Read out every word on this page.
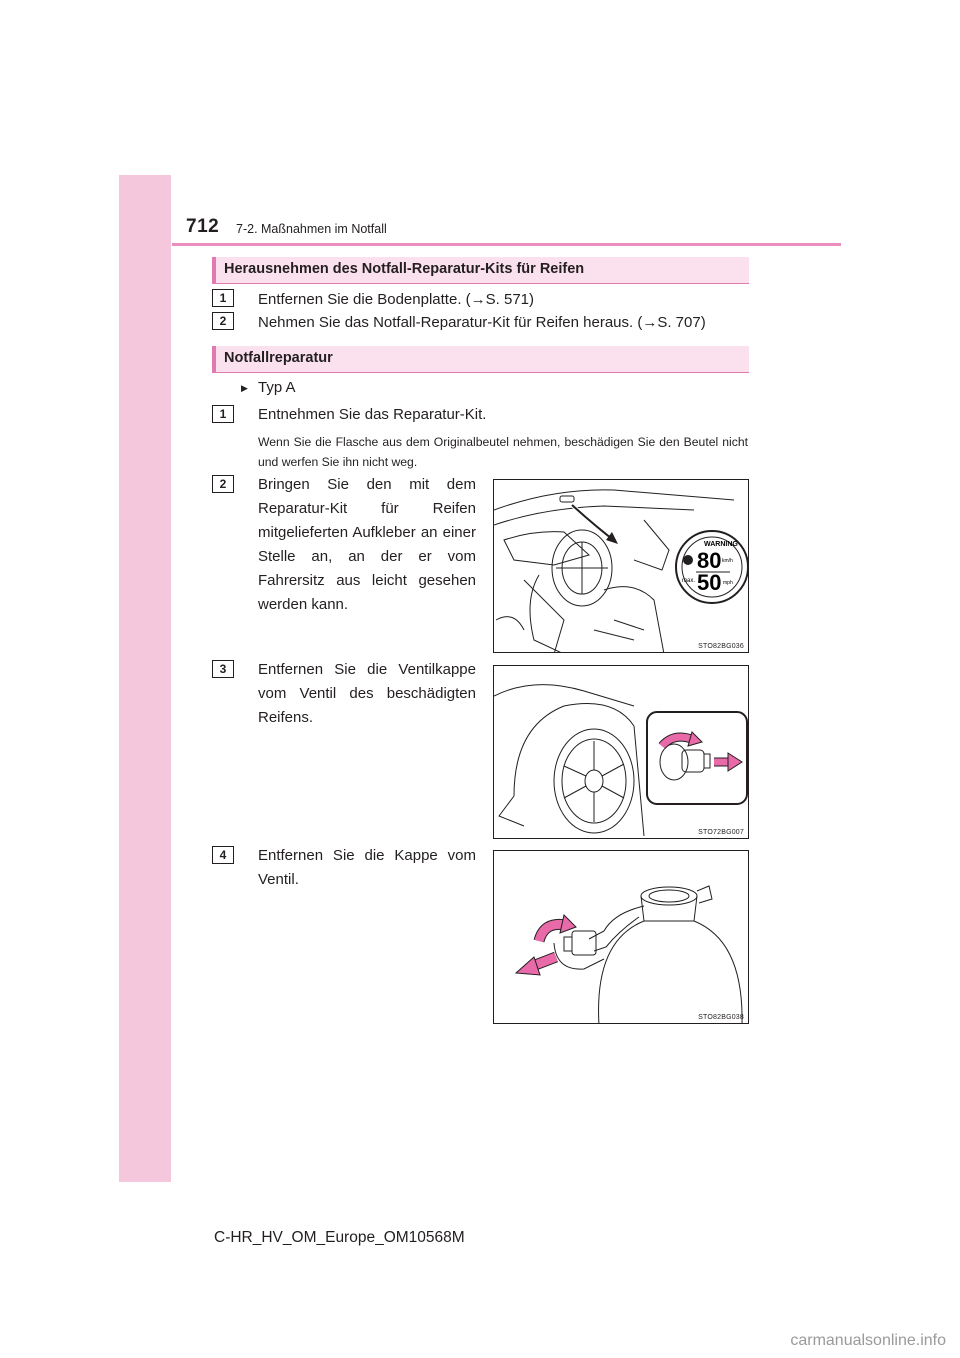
712 7-2. Maßnahmen im Notfall
Herausnehmen des Notfall-Reparatur-Kits für Reifen
1	Entfernen Sie die Bodenplatte. (→S. 571)
2	Nehmen Sie das Notfall-Reparatur-Kit für Reifen heraus. (→S. 707)
Notfallreparatur
▶ Typ A
1	Entnehmen Sie das Reparatur-Kit.
Wenn Sie die Flasche aus dem Originalbeutel nehmen, beschädigen Sie den Beutel nicht und werfen Sie ihn nicht weg.
2	Bringen Sie den mit dem Reparatur-Kit für Reifen mitgelieferten Aufkleber an einer Stelle an, an der er vom Fahrersitz aus leicht gesehen werden kann.
3	Entfernen Sie die Ventilkappe vom Ventil des beschädigten Reifens.
4	Entfernen Sie die Kappe vom Ventil.
max.
WARNING
80
50
km/h
mph
STO82BG036
STO72BG007
STO82BG038
C-HR_HV_OM_Europe_OM10568M
carmanualsonline.info
